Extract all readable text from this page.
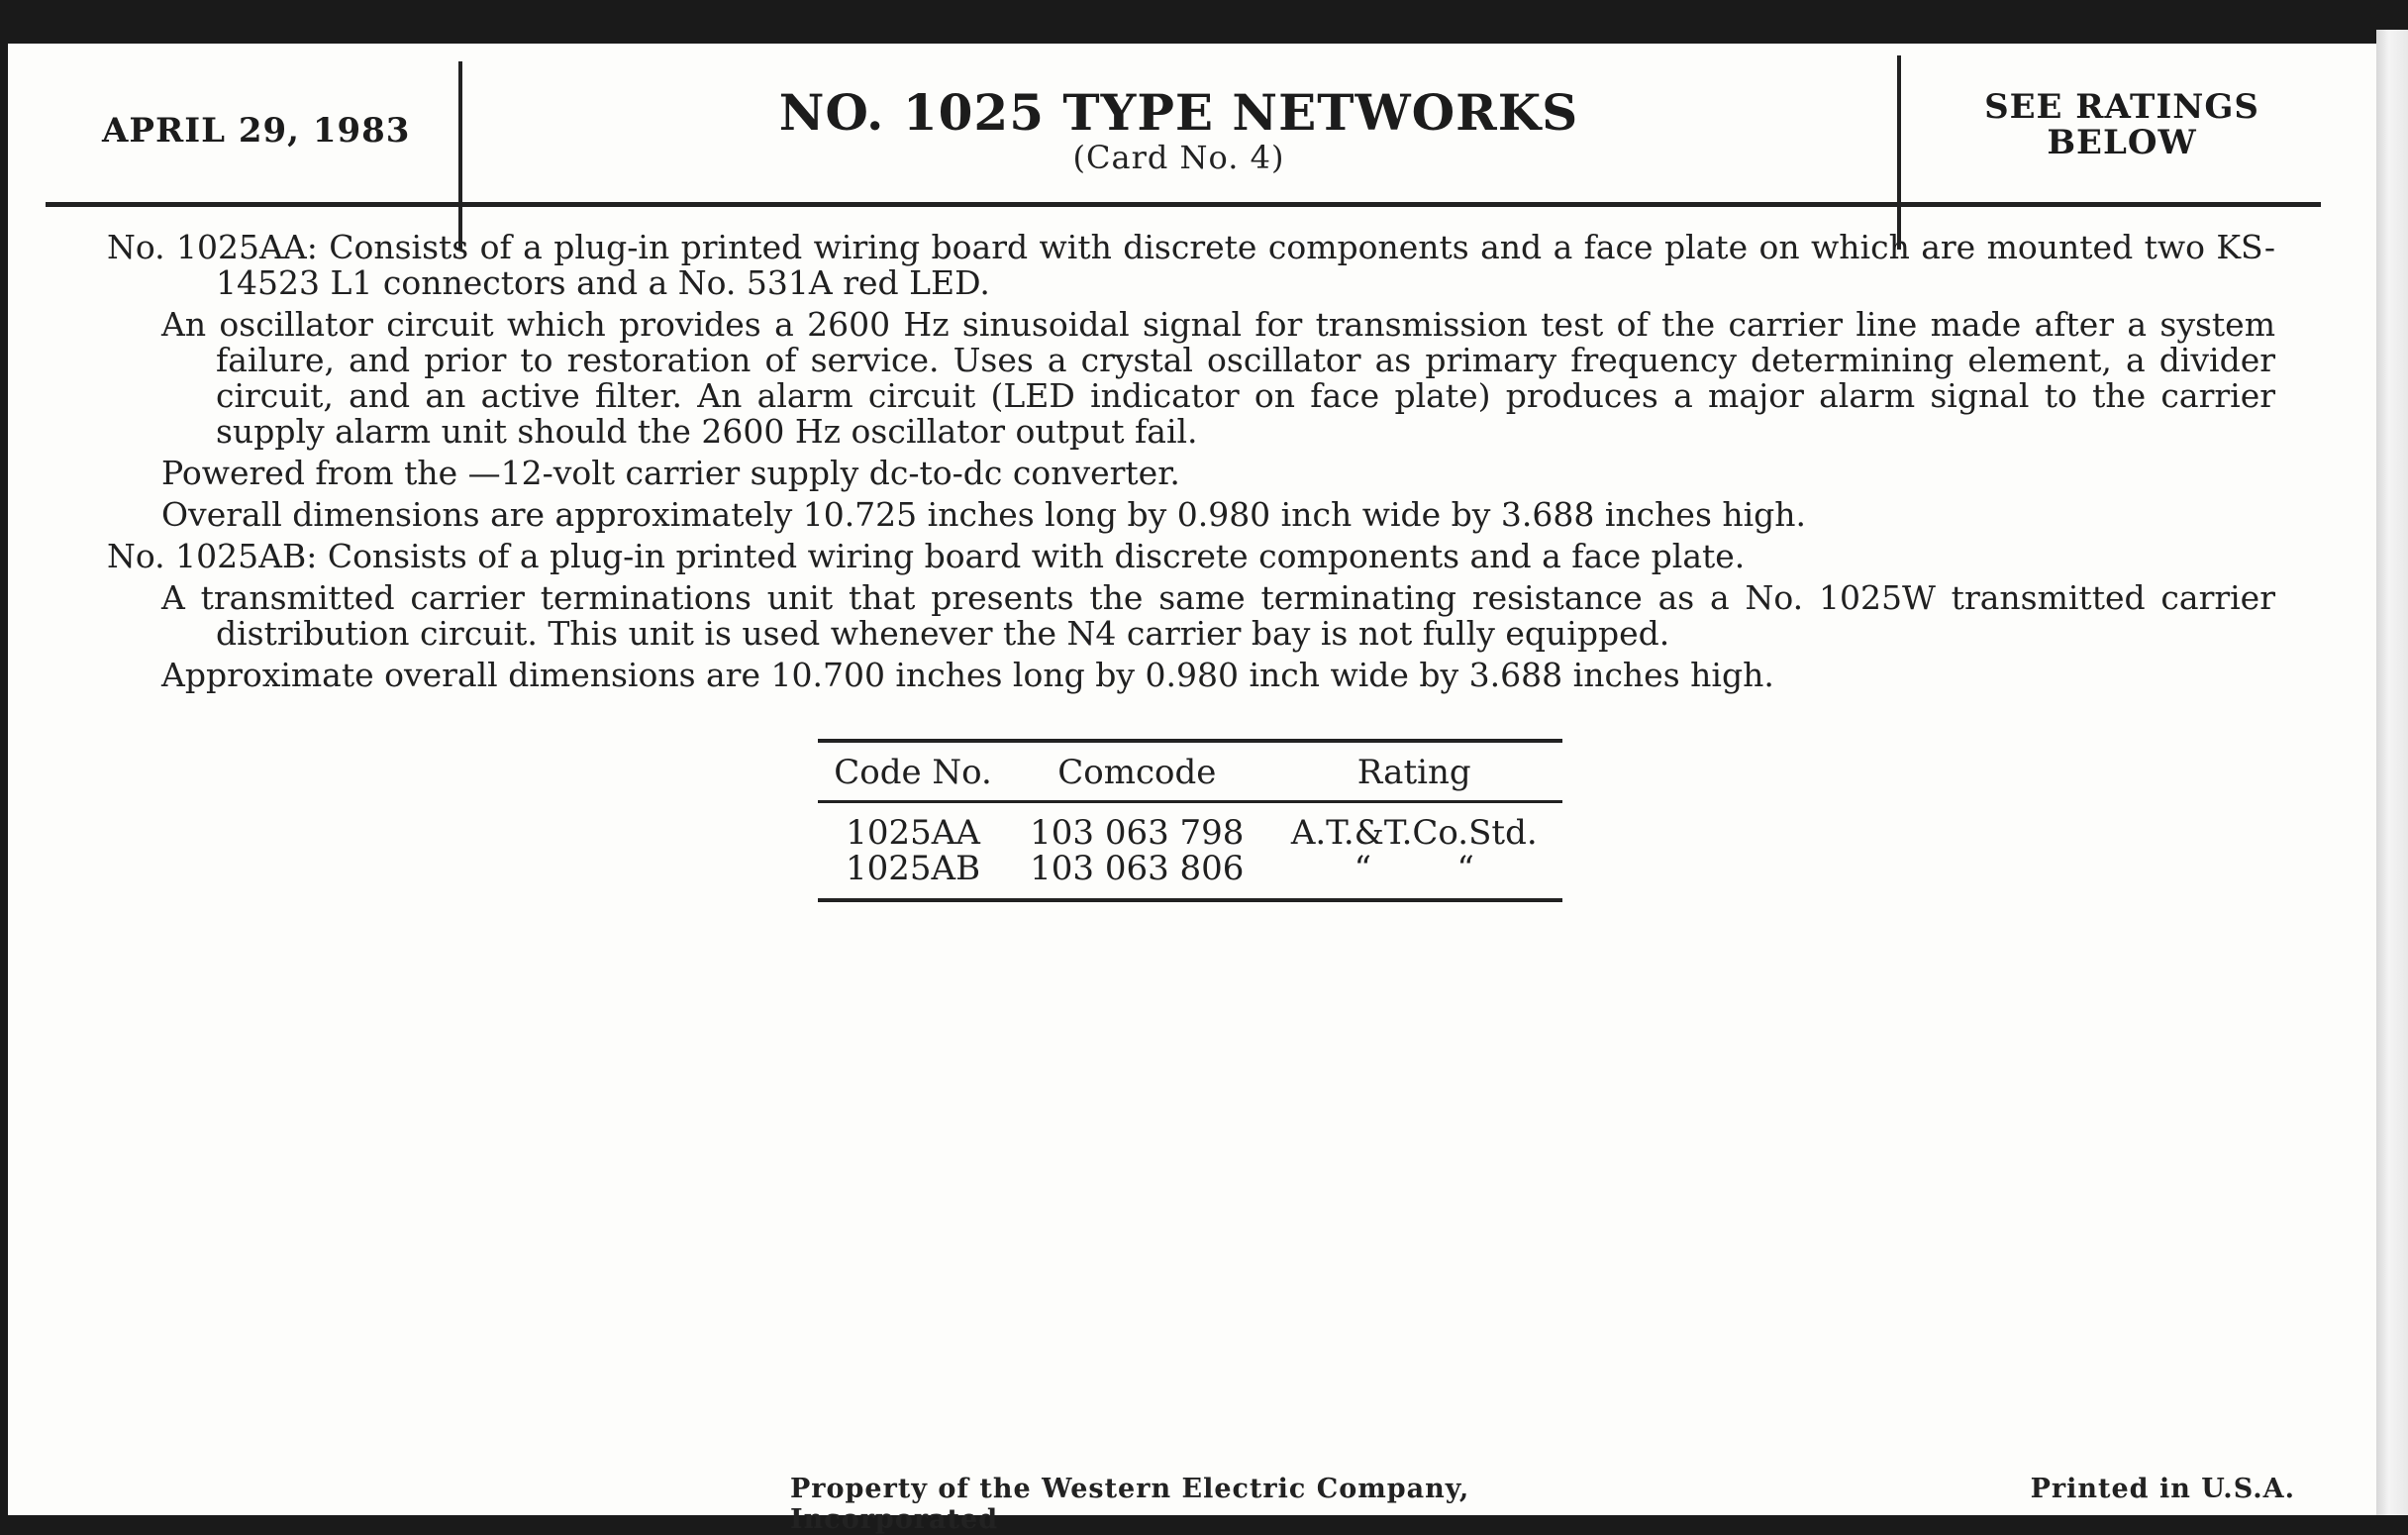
APRIL 29, 1983	NO. 1025 TYPE NETWORKS
(Card No. 4)
SEE RATINGS
BELOW

No. 1025AA: Consists of a plug-in printed wiring board with discrete components and a face plate on which are mounted two KS-14523 L1 connectors and a No. 531A red LED.

An oscillator circuit which provides a 2600 Hz sinusoidal signal for transmission test of the carrier line made after a system failure, and prior to restoration of service. Uses a crystal oscillator as primary frequency determining element, a divider circuit, and an active filter. An alarm circuit (LED indicator on face plate) produces a major alarm signal to the carrier supply alarm unit should the 2600 Hz oscillator output fail.

Powered from the —12-volt carrier supply dc-to-dc converter.

Overall dimensions are approximately 10.725 inches long by 0.980 inch wide by 3.688 inches high.

No. 1025AB: Consists of a plug-in printed wiring board with discrete components and a face plate.

A transmitted carrier terminations unit that presents the same terminating resistance as a No. 1025W transmitted carrier distribution circuit. This unit is used whenever the N4 carrier bay is not fully equipped.

Approximate overall dimensions are 10.700 inches long by 0.980 inch wide by 3.688 inches high.

Code No.	Comcode	Rating
1025AA	103 063 798	A.T.&T.Co.Std.
1025AB	103 063 806	“        “
Property of the Western Electric Company, Incorporated
Printed in U.S.A.
